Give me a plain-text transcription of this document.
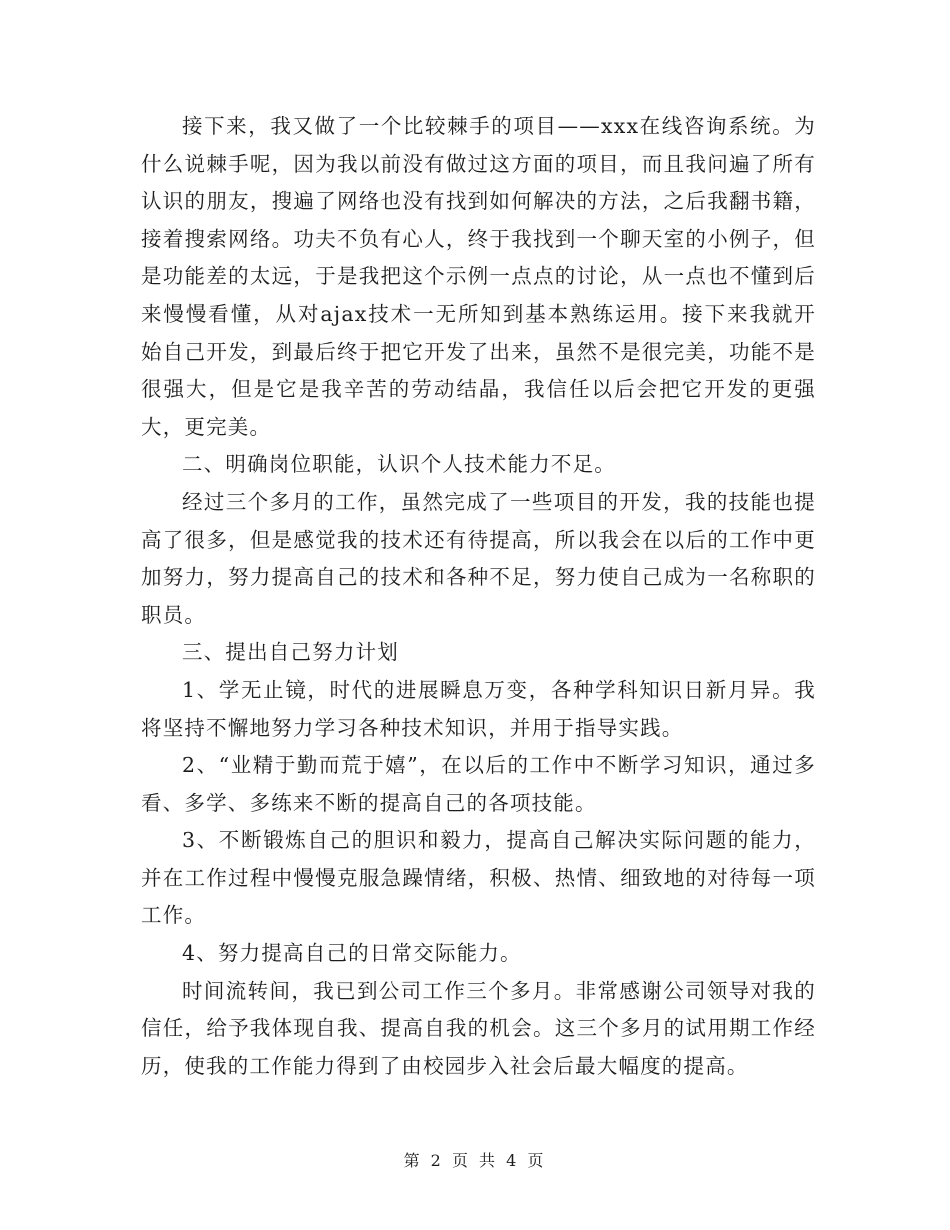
接下来，我又做了一个比较棘手的项目——xxx在线咨询系统。为什么说棘手呢，因为我以前没有做过这方面的项目，而且我问遍了所有认识的朋友，搜遍了网络也没有找到如何解决的方法，之后我翻书籍，接着搜索网络。功夫不负有心人，终于我找到一个聊天室的小例子，但是功能差的太远，于是我把这个示例一点点的讨论，从一点也不懂到后来慢慢看懂，从对ajax技术一无所知到基本熟练运用。接下来我就开始自己开发，到最后终于把它开发了出来，虽然不是很完美，功能不是很强大，但是它是我辛苦的劳动结晶，我信任以后会把它开发的更强大，更完美。

二、明确岗位职能，认识个人技术能力不足。

经过三个多月的工作，虽然完成了一些项目的开发，我的技能也提高了很多，但是感觉我的技术还有待提高，所以我会在以后的工作中更加努力，努力提高自己的技术和各种不足，努力使自己成为一名称职的职员。

三、提出自己努力计划

1、学无止镜，时代的进展瞬息万变，各种学科知识日新月异。我将坚持不懈地努力学习各种技术知识，并用于指导实践。

2、“业精于勤而荒于嬉”，在以后的工作中不断学习知识，通过多看、多学、多练来不断的提高自己的各项技能。

3、不断锻炼自己的胆识和毅力，提高自己解决实际问题的能力，并在工作过程中慢慢克服急躁情绪，积极、热情、细致地的对待每一项工作。

4、努力提高自己的日常交际能力。

时间流转间，我已到公司工作三个多月。非常感谢公司领导对我的信任，给予我体现自我、提高自我的机会。这三个多月的试用期工作经历，使我的工作能力得到了由校园步入社会后最大幅度的提高。

第 2 页 共 4 页
